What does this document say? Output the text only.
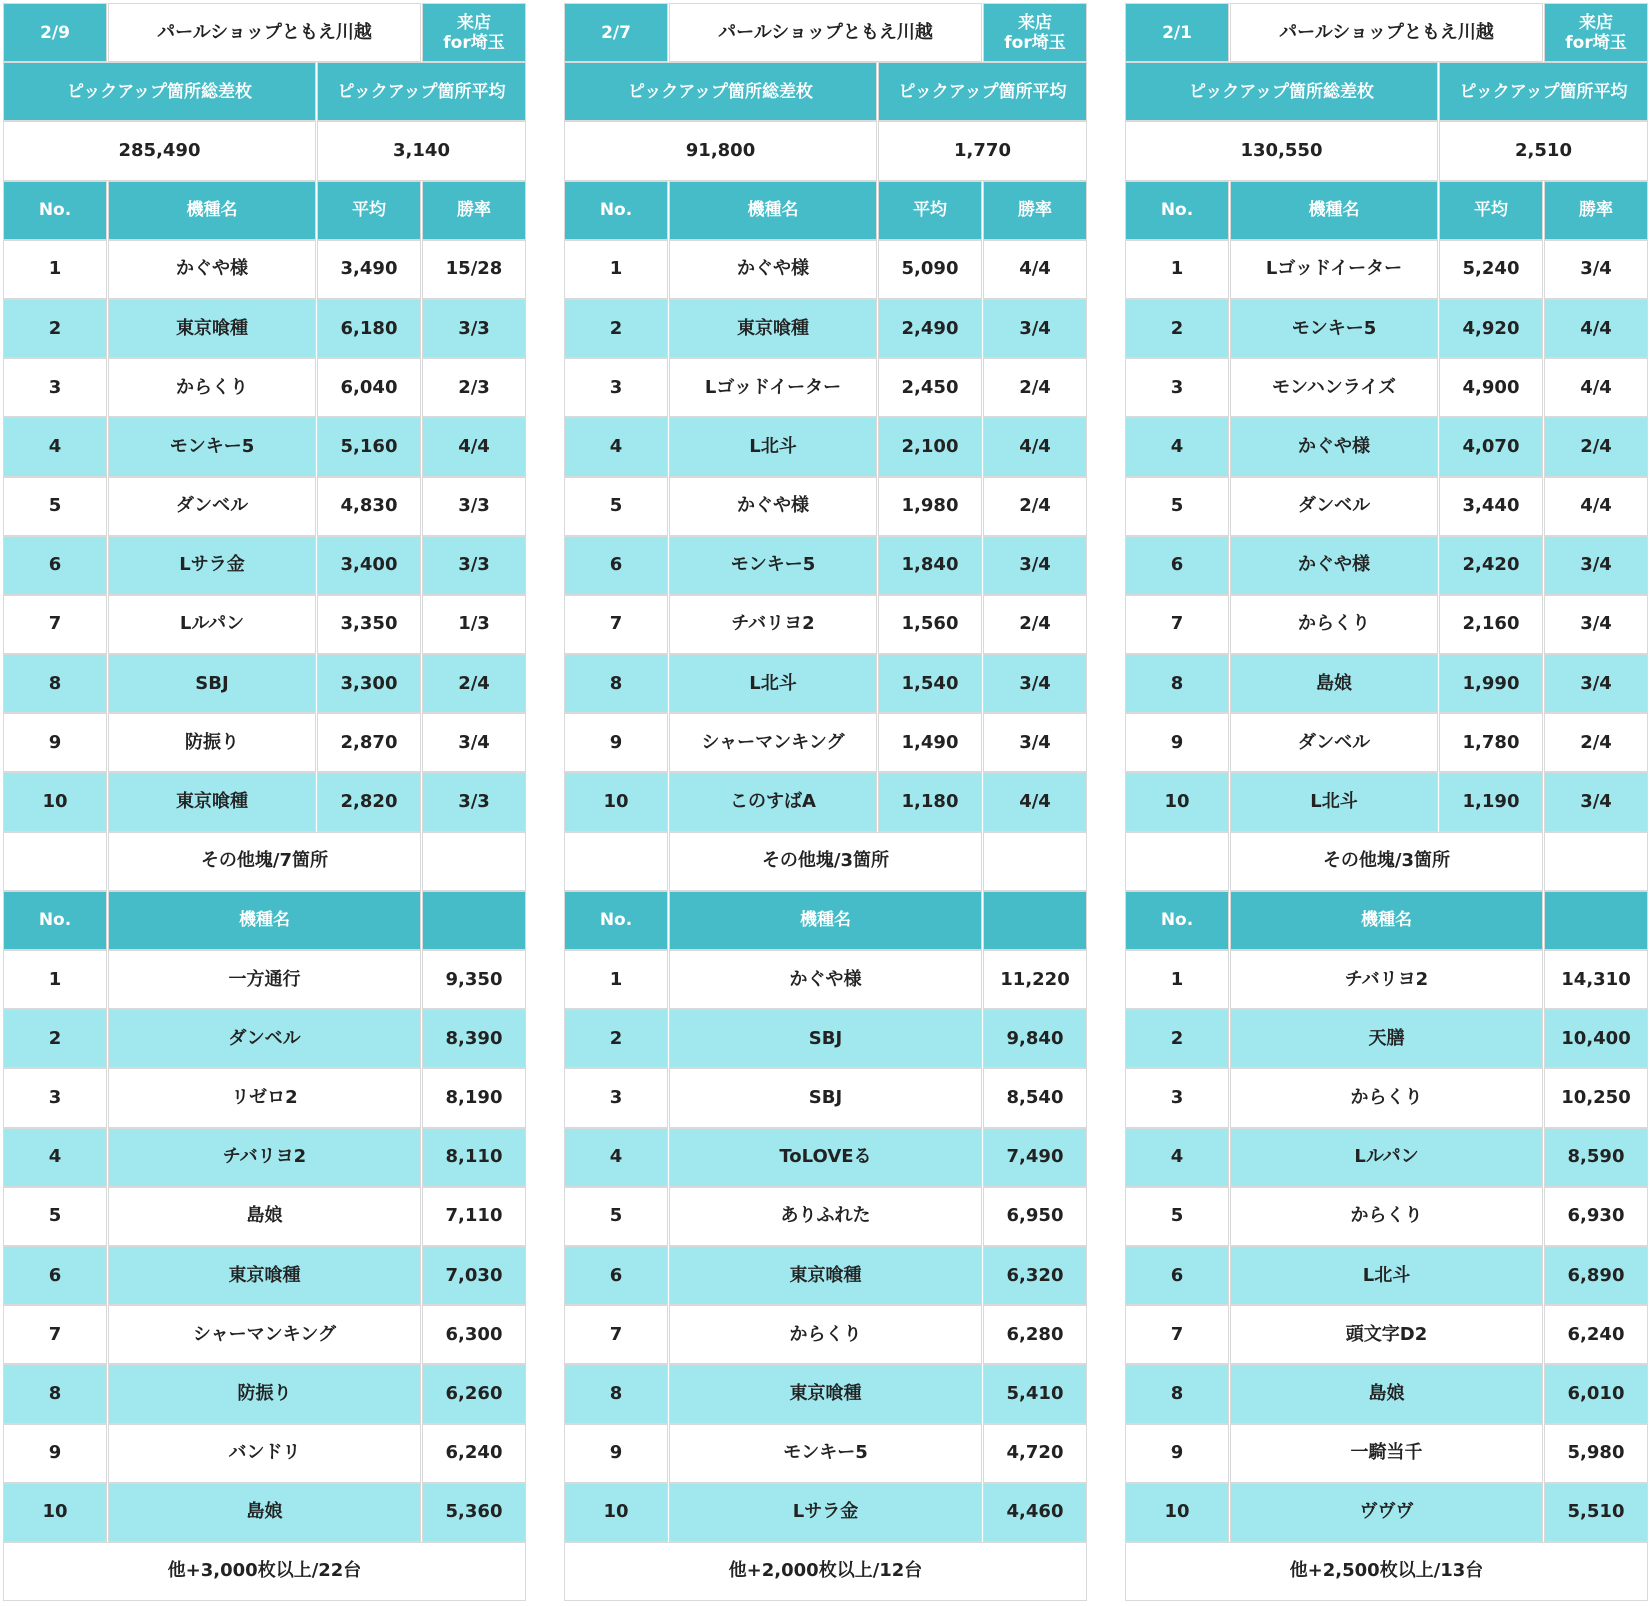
2/9	パールショップともえ川越	来店
for埼玉
ピックアップ箇所総差枚	ピックアップ箇所平均
285,490	3,140
No.	機種名	平均	勝率
1	かぐや様	3,490	15/28
2	東京喰種	6,180	3/3
3	からくり	6,040	2/3
4	モンキー5	5,160	4/4
5	ダンベル	4,830	3/3
6	Lサラ金	3,400	3/3
7	Lルパン	3,350	1/3
8	SBJ	3,300	2/4
9	防振り	2,870	3/4
10	東京喰種	2,820	3/3
その他塊/7箇所
No.	機種名
1	一方通行	9,350
2	ダンベル	8,390
3	リゼロ2	8,190
4	チバリヨ2	8,110
5	島娘	7,110
6	東京喰種	7,030
7	シャーマンキング	6,300
8	防振り	6,260
9	バンドリ	6,240
10	島娘	5,360
他+3,000枚以上/22台
2/7	パールショップともえ川越	来店
for埼玉
ピックアップ箇所総差枚	ピックアップ箇所平均
91,800	1,770
No.	機種名	平均	勝率
1	かぐや様	5,090	4/4
2	東京喰種	2,490	3/4
3	Lゴッドイーター	2,450	2/4
4	L北斗	2,100	4/4
5	かぐや様	1,980	2/4
6	モンキー5	1,840	3/4
7	チバリヨ2	1,560	2/4
8	L北斗	1,540	3/4
9	シャーマンキング	1,490	3/4
10	このすばA	1,180	4/4
その他塊/3箇所
No.	機種名
1	かぐや様	11,220
2	SBJ	9,840
3	SBJ	8,540
4	ToLOVEる	7,490
5	ありふれた	6,950
6	東京喰種	6,320
7	からくり	6,280
8	東京喰種	5,410
9	モンキー5	4,720
10	Lサラ金	4,460
他+2,000枚以上/12台
2/1	パールショップともえ川越	来店
for埼玉
ピックアップ箇所総差枚	ピックアップ箇所平均
130,550	2,510
No.	機種名	平均	勝率
1	Lゴッドイーター	5,240	3/4
2	モンキー5	4,920	4/4
3	モンハンライズ	4,900	4/4
4	かぐや様	4,070	2/4
5	ダンベル	3,440	4/4
6	かぐや様	2,420	3/4
7	からくり	2,160	3/4
8	島娘	1,990	3/4
9	ダンベル	1,780	2/4
10	L北斗	1,190	3/4
その他塊/3箇所
No.	機種名
1	チバリヨ2	14,310
2	天膳	10,400
3	からくり	10,250
4	Lルパン	8,590
5	からくり	6,930
6	L北斗	6,890
7	頭文字D2	6,240
8	島娘	6,010
9	一騎当千	5,980
10	ヴヴヴ	5,510
他+2,500枚以上/13台
